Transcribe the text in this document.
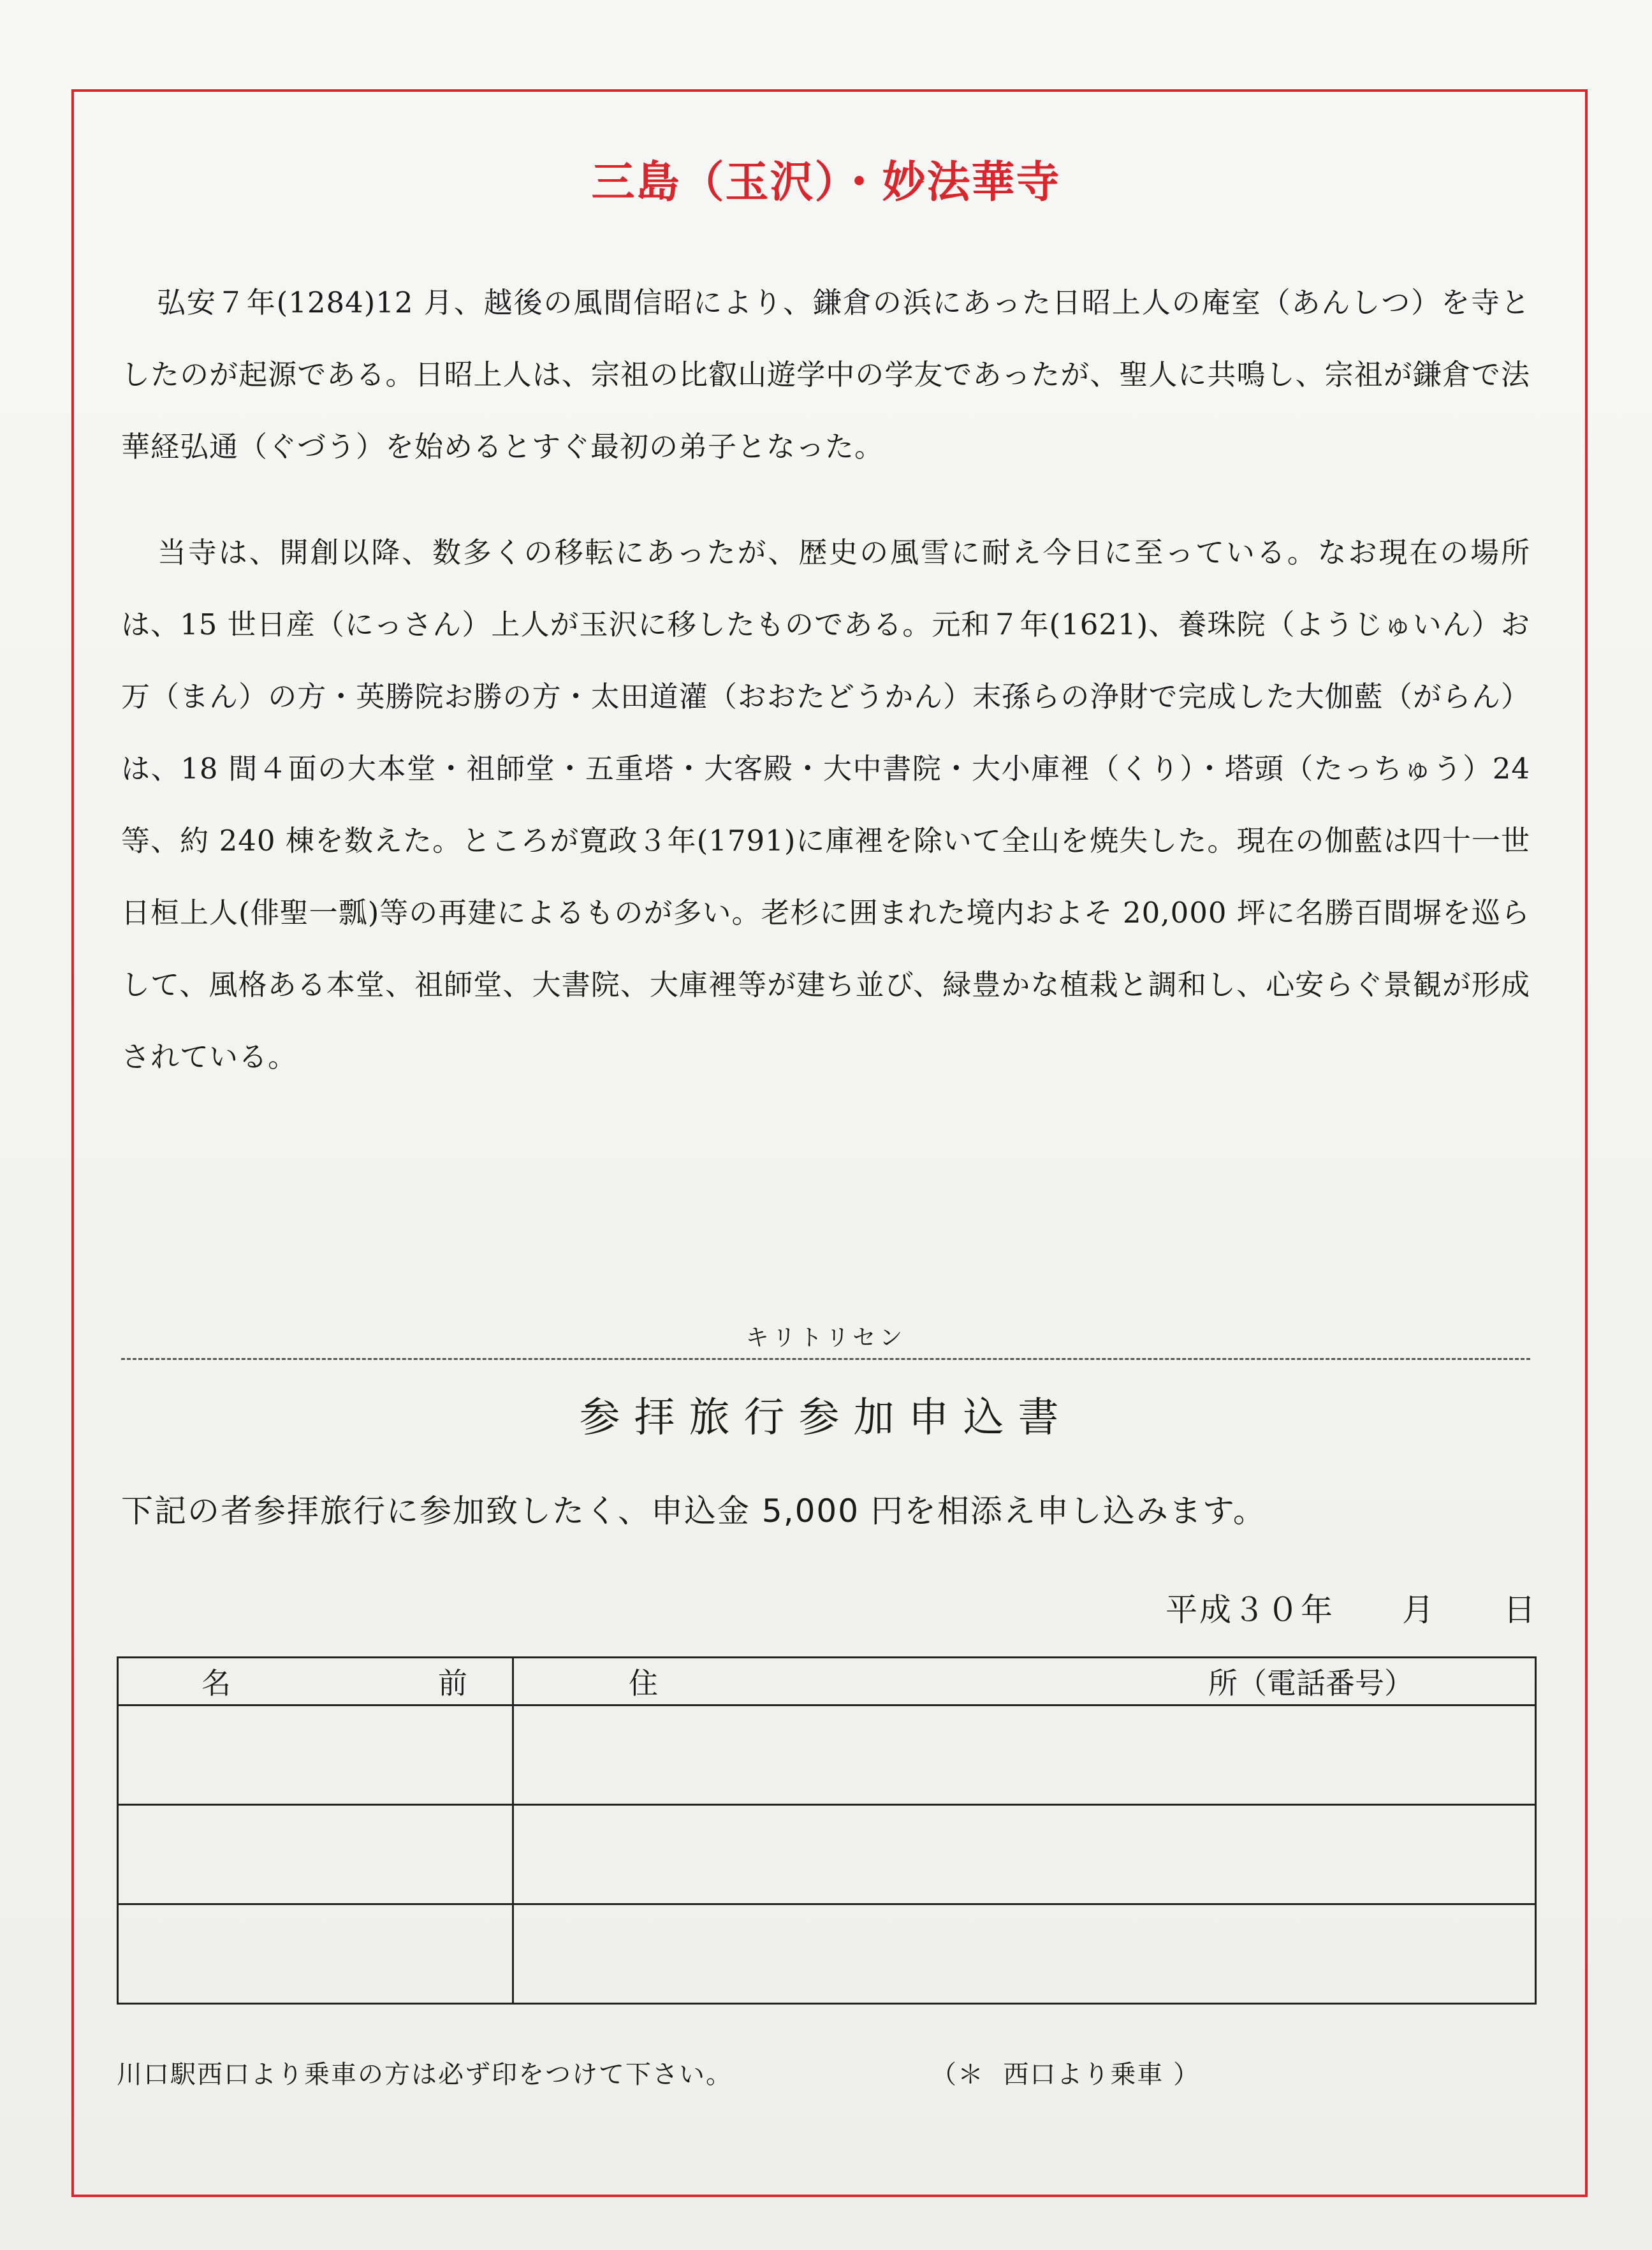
三島（玉沢）・妙法華寺

弘安７年(1284)12 月、越後の風間信昭により、鎌倉の浜にあった日昭上人の庵室（あんしつ）を寺としたのが起源である。日昭上人は、宗祖の比叡山遊学中の学友であったが、聖人に共鳴し、宗祖が鎌倉で法華経弘通（ぐづう）を始めるとすぐ最初の弟子となった。

当寺は、開創以降、数多くの移転にあったが、歴史の風雪に耐え今日に至っている。なお現在の場所は、15 世日産（にっさん）上人が玉沢に移したものである。元和７年(1621)、養珠院（ようじゅいん）お万（まん）の方・英勝院お勝の方・太田道灌（おおたどうかん）末孫らの浄財で完成した大伽藍（がらん）は、18 間４面の大本堂・祖師堂・五重塔・大客殿・大中書院・大小庫裡（くり）・塔頭（たっちゅう）24 等、約 240 棟を数えた。ところが寛政３年(1791)に庫裡を除いて全山を焼失した。現在の伽藍は四十一世日桓上人(俳聖一瓢)等の再建によるものが多い。老杉に囲まれた境内およそ 20,000 坪に名勝百間塀を巡らして、風格ある本堂、祖師堂、大書院、大庫裡等が建ち並び、緑豊かな植栽と調和し、心安らぐ景観が形成されている。

キリトリセン
参拝旅行参加申込書
下記の者参拝旅行に参加致したく、申込金 5,000 円を相添え申し込みます。
平成３０年　　月　　日
名 前	住 所（電話番号）

川口駅西口より乗車の方は必ず印をつけて下さい。	（＊  西口より乗車 ）
